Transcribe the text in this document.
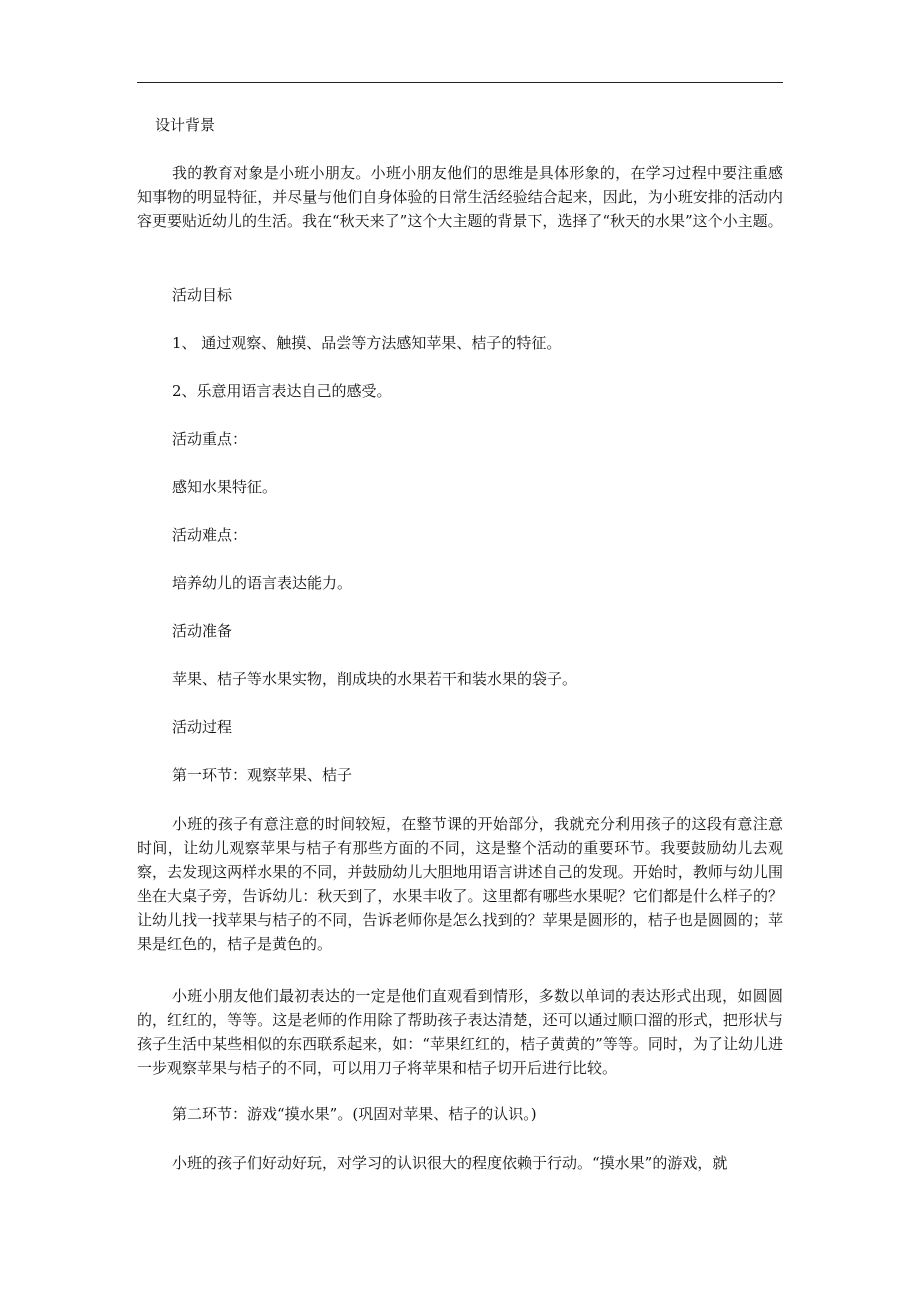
设计背景
我的教育对象是小班小朋友。小班小朋友他们的思维是具体形象的，在学习过程中要注重感知事物的明显特征，并尽量与他们自身体验的日常生活经验结合起来，因此，为小班安排的活动内容更要贴近幼儿的生活。我在“秋天来了”这个大主题的背景下，选择了“秋天的水果”这个小主题。
活动目标
1、 通过观察、触摸、品尝等方法感知苹果、桔子的特征。
2、乐意用语言表达自己的感受。
活动重点：
感知水果特征。
活动难点：
培养幼儿的语言表达能力。
活动准备
苹果、桔子等水果实物，削成块的水果若干和装水果的袋子。
活动过程
第一环节：观察苹果、桔子
小班的孩子有意注意的时间较短，在整节课的开始部分，我就充分利用孩子的这段有意注意时间，让幼儿观察苹果与桔子有那些方面的不同，这是整个活动的重要环节。我要鼓励幼儿去观察，去发现这两样水果的不同，并鼓励幼儿大胆地用语言讲述自己的发现。开始时，教师与幼儿围坐在大桌子旁，告诉幼儿：秋天到了，水果丰收了。这里都有哪些水果呢？它们都是什么样子的？让幼儿找一找苹果与桔子的不同，告诉老师你是怎么找到的？苹果是圆形的，桔子也是圆圆的；苹果是红色的，桔子是黄色的。
小班小朋友他们最初表达的一定是他们直观看到情形，多数以单词的表达形式出现，如圆圆的，红红的，等等。这是老师的作用除了帮助孩子表达清楚，还可以通过顺口溜的形式，把形状与孩子生活中某些相似的东西联系起来，如：“苹果红红的，桔子黄黄的”等等。同时，为了让幼儿进一步观察苹果与桔子的不同，可以用刀子将苹果和桔子切开后进行比较。
第二环节：游戏“摸水果”。(巩固对苹果、桔子的认识。)
小班的孩子们好动好玩，对学习的认识很大的程度依赖于行动。“摸水果”的游戏，就
